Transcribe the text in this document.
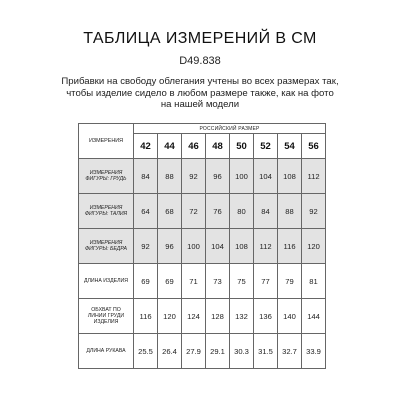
ТАБЛИЦА ИЗМЕРЕНИЙ В СМ
D49.838
Прибавки на свободу облегания учтены во всех размерах так,
чтобы изделие сидело в любом размере также, как на фото
на нашей модели
ИЗМЕРЕНИЯ	РОССИЙСКИЙ РАЗМЕР							
	42	44	46	48	50	52	54	56

ИЗМЕРЕНИЯ
ФИГУРЫ: ГРУДЬ	84	88	92	96	100	104	108	112

ИЗМЕРЕНИЯ
ФИГУРЫ: ТАЛИЯ	64	68	72	76	80	84	88	92

ИЗМЕРЕНИЯ
ФИГУРЫ: БЕДРА	92	96	100	104	108	112	116	120

ДЛИНА ИЗДЕЛИЯ	69	69	71	73	75	77	79	81

ОБХВАТ ПО
ЛИНИИ ГРУДИ
ИЗДЕЛИЯ	116	120	124	128	132	136	140	144

ДЛИНА РУКАВА	25.5	26.4	27.9	29.1	30.3	31.5	32.7	33.9
